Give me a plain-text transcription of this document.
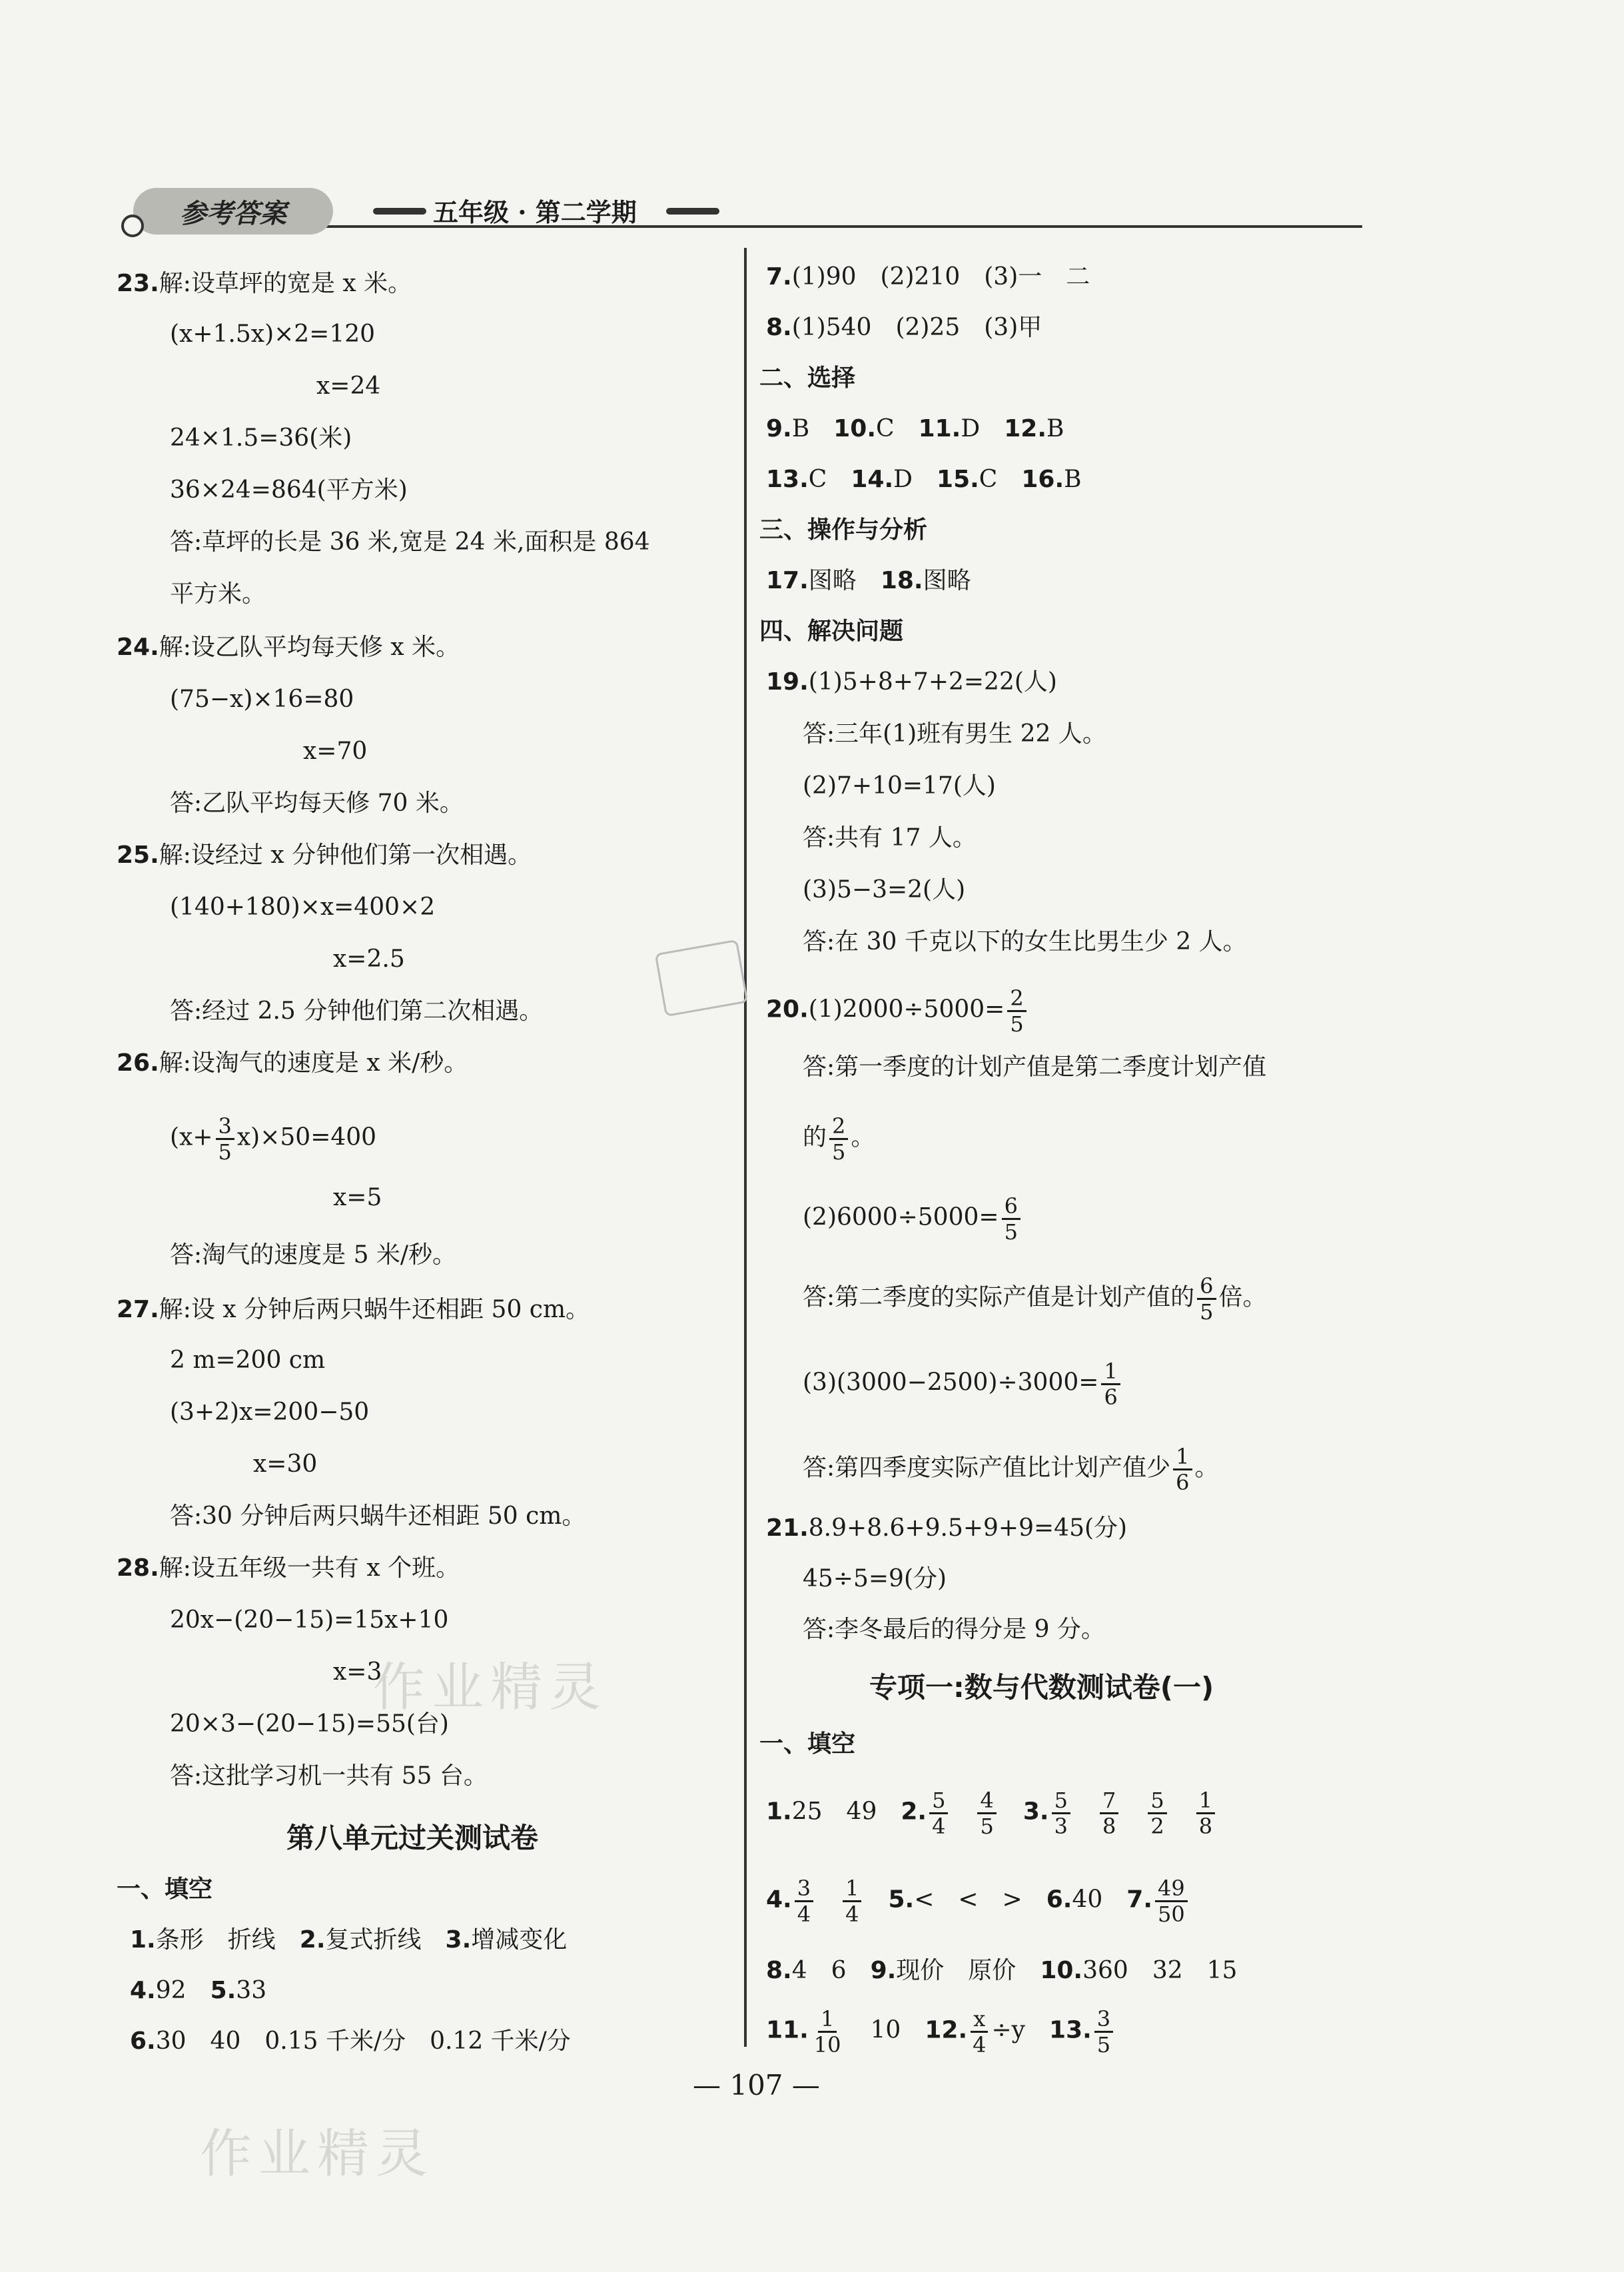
参考答案	五年级 · 第二学期
23.解:设草坪的宽是 x 米。
(x+1.5x)×2=120
x=24
24×1.5=36(米)
36×24=864(平方米)
答:草坪的长是 36 米,宽是 24 米,面积是 864
平方米。
24.解:设乙队平均每天修 x 米。
(75−x)×16=80
x=70
答:乙队平均每天修 70 米。
25.解:设经过 x 分钟他们第一次相遇。
(140+180)×x=400×2
x=2.5
答:经过 2.5 分钟他们第二次相遇。
26.解:设淘气的速度是 x 米/秒。
$(x+ \frac{3}{5} x)\times 50=400$
x=5
答:淘气的速度是 5 米/秒。
27.解:设 x 分钟后两只蜗牛还相距 50 cm。
2 m=200 cm
(3+2)x=200−50
x=30
答:30 分钟后两只蜗牛还相距 50 cm。
28.解:设五年级一共有 x 个班。
20x−(20−15)=15x+10
x=3
20×3−(20−15)=55(台)
答:这批学习机一共有 55 台。
第八单元过关测试卷
一、填空
1.条形　折线　 2.复式折线　 3.增减变化
4.92　 5.33
6.30　40　0.15 千米/分　0.12 千米/分
7.(1)90　(2)210　(3)一　二
8.(1)540　(2)25　(3)甲
二、选择
9.B　 10.C　 11.D　 12.B
13.C　 14.D　 15.C　 16.B
三、操作与分析
17.图略　 18.图略
四、解决问题
19.(1)5+8+7+2=22(人)
答:三年(1)班有男生 22 人。
(2)7+10=17(人)
答:共有 17 人。
(3)5−3=2(人)
答:在 30 千克以下的女生比男生少 2 人。
$20.(1)2000\div 5000= \frac{2}{5}$
答:第一季度的计划产值是第二季度计划产值
的 $\frac{2}{5}$ 。
$(2)6000\div 5000= \frac{6}{5}$
答:第二季度的实际产值是计划产值的 $\frac{6}{5}$ 倍。
$(3)(3000-2500)\div 3000= \frac{1}{6}$
答:第四季度实际产值比计划产值少 $\frac{1}{6}$ 。
21.8.9+8.6+9.5+9+9=45(分)
45÷5=9(分)
答:李冬最后的得分是 9 分。
专项一:数与代数测试卷(一)
一、填空
1.25　49　 2. $\frac{5}{4}$
　 $\frac{4}{5}$
　 3. $\frac{5}{3}$
　 $\frac{7}{8}$
　 $\frac{5}{2}$
　 $\frac{1}{8}$
4. $\frac{3}{4}$
　 $\frac{1}{4}$
　 5.<　<　>　 6.40　 7. $\frac{49}{50}$
8.4　6　 9.现价　原价　 10.360　32　15
11. $\frac{1}{10}$
　 10　 12. $\frac{x}{4} \div y$　 13. $\frac{3}{5}$
作业精灵
作业精灵
— 107 —
